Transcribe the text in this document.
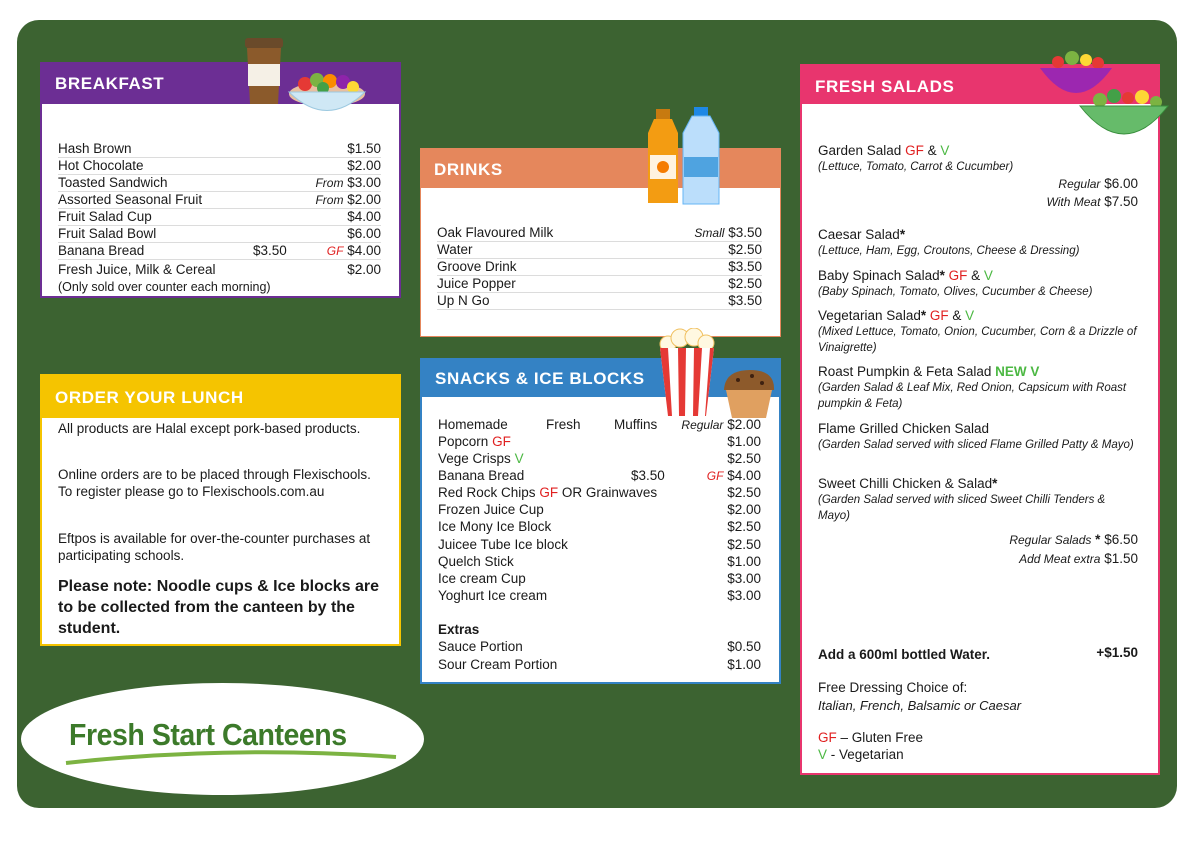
BREAKFAST
Hash Brown	$1.50
Hot Chocolate	$2.00
Toasted Sandwich	From $3.00
Assorted Seasonal Fruit	From $2.00
Fruit Salad Cup	$4.00
Fruit Salad Bowl	$6.00
Banana Bread	$3.50	GF $4.00
Fresh Juice, Milk & Cereal	$2.00
(Only sold over counter each morning)
ORDER YOUR LUNCH
All products are Halal except pork-based products.
Online orders are to be placed through Flexischools. To register please go to Flexischools.com.au
Eftpos is available for over-the-counter purchases at participating schools.
Please note: Noodle cups & Ice blocks are to be collected from the canteen by the student.
Fresh Start Canteens
DRINKS
Oak Flavoured Milk	Small $3.50
Water	$2.50
Groove Drink	$3.50
Juice Popper	$2.50
Up N Go	$3.50
SNACKS & ICE BLOCKS
Homemade	Fresh Muffins Regular $2.00
Popcorn GF	$1.00
Vege Crisps V	$2.50
Banana Bread	$3.50	GF $4.00
Red Rock Chips GF OR Grainwaves	$2.50
Frozen Juice Cup	$2.00
Ice Mony Ice Block	$2.50
Juicee Tube Ice block	$2.50
Quelch Stick	$1.00
Ice cream Cup	$3.00
Yoghurt Ice cream	$3.00
Extras
Sauce Portion	$0.50
Sour Cream Portion	$1.00
FRESH SALADS
Garden Salad GF & V
(Lettuce, Tomato, Carrot & Cucumber)
Regular $6.00
With Meat $7.50
Caesar Salad*
(Lettuce, Ham, Egg, Croutons, Cheese & Dressing)
Baby Spinach Salad* GF & V
(Baby Spinach, Tomato, Olives, Cucumber & Cheese)
Vegetarian Salad* GF & V
(Mixed Lettuce, Tomato, Onion, Cucumber, Corn & a Drizzle of Vinaigrette)
Roast Pumpkin & Feta Salad NEW V
(Garden Salad & Leaf Mix, Red Onion, Capsicum with Roast pumpkin & Feta)
Flame Grilled Chicken Salad
(Garden Salad served with sliced Flame Grilled Patty & Mayo)
Sweet Chilli Chicken & Salad*
(Garden Salad served with sliced Sweet Chilli Tenders & Mayo)
Regular Salads * $6.50
Add Meat extra $1.50
Add a 600ml bottled Water.	+$1.50
Free Dressing Choice of:
Italian, French, Balsamic or Caesar
GF – Gluten Free
V - Vegetarian
